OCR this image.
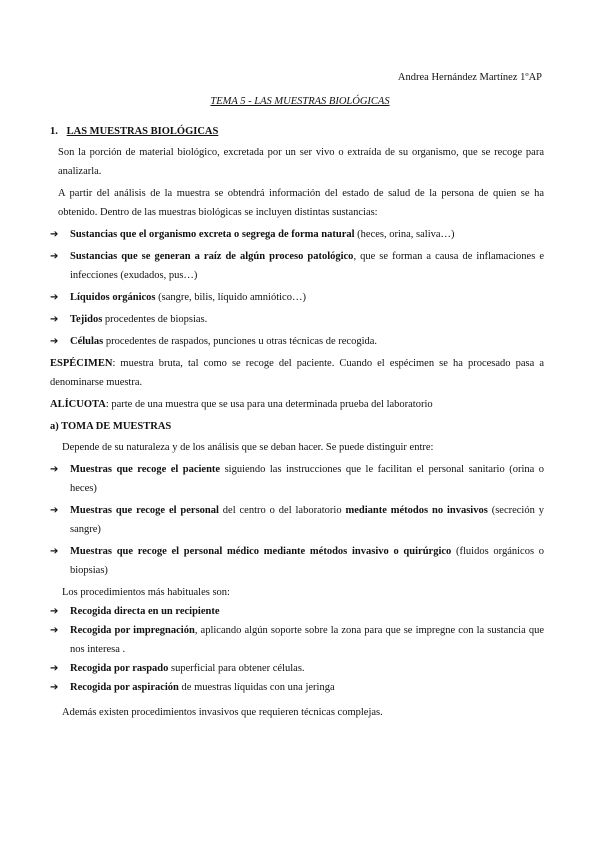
Andrea Hernández Martínez 1ºAP
TEMA 5 - LAS MUESTRAS BIOLÓGICAS
1. LAS MUESTRAS BIOLÓGICAS

Son la porción de material biológico, excretada por un ser vivo o extraída de su organismo, que se recoge para analizarla.

A partir del análisis de la muestra se obtendrá información del estado de salud de la persona de quien se ha obtenido. Dentro de las muestras biológicas se incluyen distintas sustancias:

➔ Sustancias que el organismo excreta o segrega de forma natural (heces, orina, saliva…)
➔ Sustancias que se generan a raíz de algún proceso patológico, que se forman a causa de inflamaciones e infecciones (exudados, pus…)
➔ Líquidos orgánicos (sangre, bilis, líquido amniótico…)
➔ Tejidos procedentes de biopsias.
➔ Células procedentes de raspados, punciones u otras técnicas de recogida.

ESPÉCIMEN: muestra bruta, tal como se recoge del paciente. Cuando el espécimen se ha procesado pasa a denominarse muestra.

ALÍCUOTA: parte de una muestra que se usa para una determinada prueba del laboratorio

a) TOMA DE MUESTRAS

Depende de su naturaleza y de los análisis que se deban hacer. Se puede distinguir entre:

➔ Muestras que recoge el paciente siguiendo las instrucciones que le facilitan el personal sanitario (orina o heces)
➔ Muestras que recoge el personal del centro o del laboratorio mediante métodos no invasivos (secreción y sangre)
➔ Muestras que recoge el personal médico mediante métodos invasivo o quirúrgico (fluidos orgánicos o biopsias)

Los procedimientos más habituales son:

➔ Recogida directa en un recipiente
➔ Recogida por impregnación, aplicando algún soporte sobre la zona para que se impregne con la sustancia que nos interesa .
➔ Recogida por raspado superficial para obtener células.
➔ Recogida por aspiración de muestras líquidas con una jeringa

Además existen procedimientos invasivos que requieren técnicas complejas.
